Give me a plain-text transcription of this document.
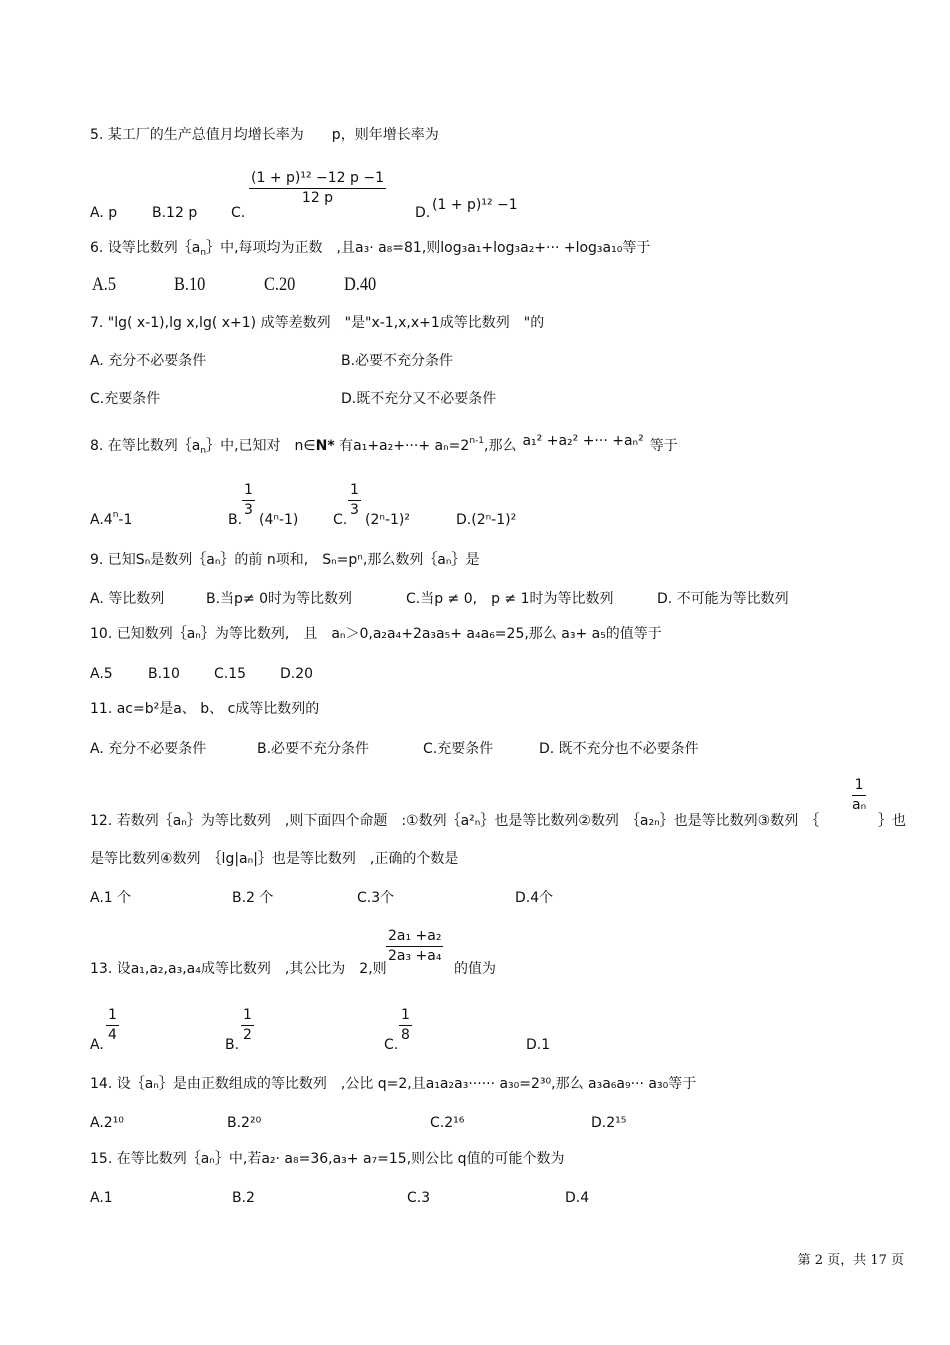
5. 某工厂的生产总值月均增长率为　　p，则年增长率为
A. p B.12 p C.
$\frac{\text{(1 + p)¹² −12 p −1}}{12 p}$
D. (1 + p)¹² −1
6. 设等比数列$\{a_n\}$中,每项均为正数　,且a₃· a₈=81,则log₃a₁+log₃a₂+··· +log₃a₁₀等于
A.5	B.10	C.20	D.40
7. "lg( x-1),lg x,lg( x+1) 成等差数列　"是"x-1,x,x+1成等比数列　"的
A. 充分不必要条件	B.必要不充分条件
C.充要条件	D.既不充分又不必要条件
8. 在等比数列$\{a_n\}$中,已知对　n∈N* 有$a_1+a_2+\cdot\cdot\cdot+ a_n=2^{n-1}$,那么 a₁² +a₂² +··· +aₙ² 等于
A.4$^n$-1	B.
$\frac{1}{3}$
(4ⁿ-1) C.
$\frac{1}{3}$
(2ⁿ-1)²	D.(2ⁿ-1)²
9. 已知Sₙ是数列｛aₙ｝的前 n项和,　Sₙ=pⁿ,那么数列｛aₙ｝是
A. 等比数列	B.当p≠ 0时为等比数列	C.当p ≠ 0,　p ≠ 1时为等比数列	D. 不可能为等比数列
10. 已知数列｛aₙ｝为等比数列,　且　aₙ＞0,a₂a₄+2a₃a₅+ a₄a₆=25,那么 a₃+ a₅的值等于
A.5	B.10 C.15 D.20
11. ac=b²是a、 b、 c成等比数列的
A. 充分不必要条件	B.必要不充分条件	C.充要条件	D. 既不充分也不必要条件
12. 若数列｛aₙ｝为等比数列　,则下面四个命题　:①数列｛a²ₙ｝也是等比数列②数列　｛a₂ₙ｝也是等比数列③数列　｛
$\frac{1}{\text{aₙ}}$
｝也
是等比数列④数列　｛lg|aₙ|｝也是等比数列　,正确的个数是
A.1 个	B.2 个	C.3个	D.4个
13. 设a₁,a₂,a₃,a₄成等比数列　,其公比为　2,则
$\frac{\text{2a₁ +a₂}}{\text{2a₃ +a₄}}$
的值为
A.
$\frac{1}{4}$
B.
$\frac{1}{2}$
C.
$\frac{1}{8}$
D.1
14. 设｛aₙ｝是由正数组成的等比数列　,公比 q=2,且a₁a₂a₃······ a₃₀=2³⁰,那么 a₃a₆a₉··· a₃₀等于
A.2¹⁰	B.2²⁰	C.2¹⁶	D.2¹⁵
15. 在等比数列｛aₙ｝中,若a₂· a₈=36,a₃+ a₇=15,则公比 q值的可能个数为
A.1	B.2	C.3	D.4
第 2 页，共 17 页
